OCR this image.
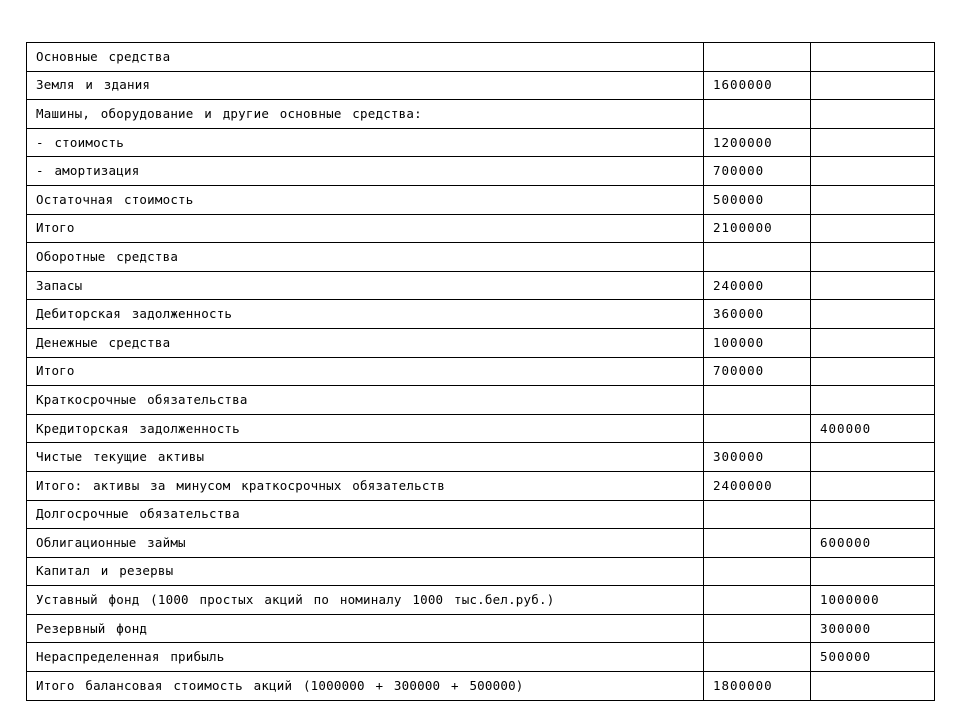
Основные средства		
Земля и здания	1600000	
Машины, оборудование и другие основные средства:		
- стоимость	1200000	
- амортизация	700000	
Остаточная стоимость	500000	
Итого	2100000	
Оборотные средства		
Запасы	240000	
Дебиторская задолженность	360000	
Денежные средства	100000	
Итого	700000	
Краткосрочные обязательства		
Кредиторская задолженность		400000
Чистые текущие активы	300000	
Итого: активы за минусом краткосрочных обязательств	2400000	
Долгосрочные обязательства		
Облигационные займы		600000
Капитал и резервы		
Уставный фонд (1000 простых акций по номиналу 1000 тыс.бел.руб.)		1000000
Резервный фонд		300000
Нераспределенная прибыль		500000
Итого балансовая стоимость акций (1000000 + 300000 + 500000)	1800000	
